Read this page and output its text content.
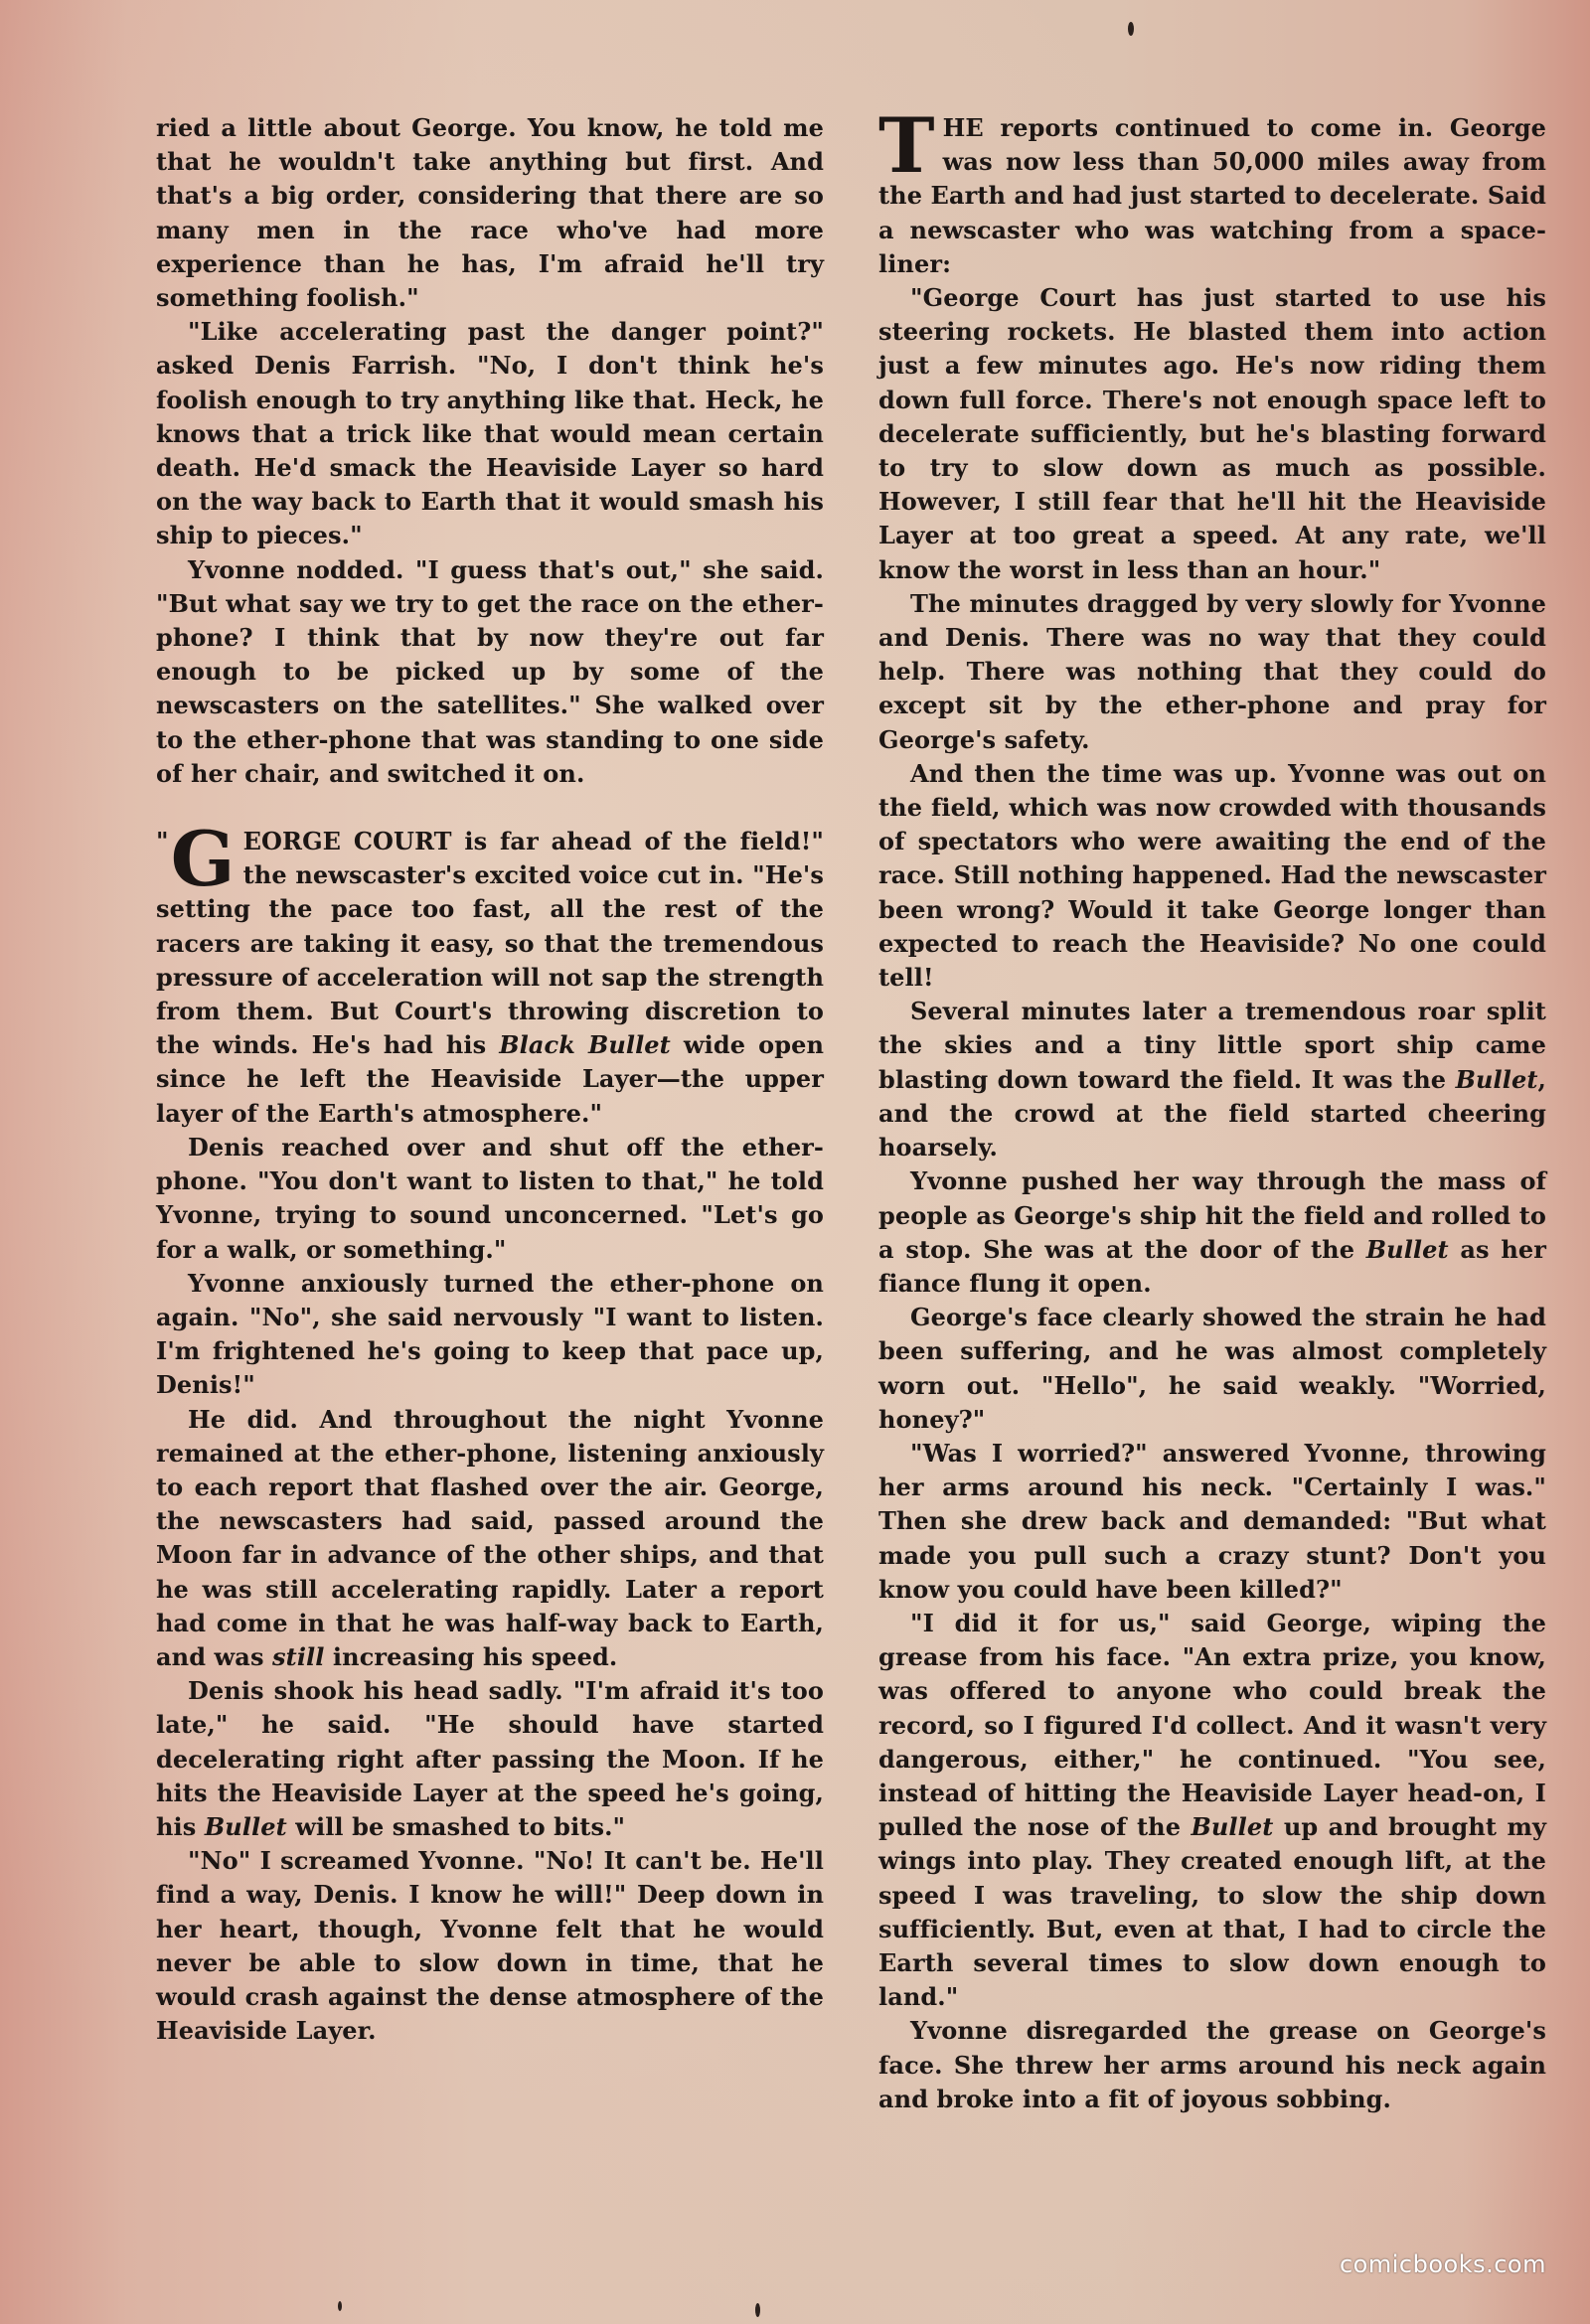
ried a little about George. You know, he told me that he wouldn't take anything but first. And that's a big order, considering that there are so many men in the race who've had more experience than he has, I'm afraid he'll try something foolish."

"Like accelerating past the danger point?" asked Denis Farrish. "No, I don't think he's foolish enough to try anything like that. Heck, he knows that a trick like that would mean certain death. He'd smack the Heaviside Layer so hard on the way back to Earth that it would smash his ship to pieces."

Yvonne nodded. "I guess that's out," she said. "But what say we try to get the race on the ether-phone? I think that by now they're out far enough to be picked up by some of the newscasters on the satellites." She walked over to the ether-phone that was standing to one side of her chair, and switched it on.

" G EORGE COURT is far ahead of the field!" the newscaster's excited voice cut in. "He's setting the pace too fast, all the rest of the racers are taking it easy, so that the tremendous pressure of acceleration will not sap the strength from them. But Court's throwing discretion to the winds. He's had his Black Bullet wide open since he left the Heaviside Layer—the upper layer of the Earth's atmosphere."

Denis reached over and shut off the ether-phone. "You don't want to listen to that," he told Yvonne, trying to sound unconcerned. "Let's go for a walk, or something."

Yvonne anxiously turned the ether-phone on again. "No", she said nervously "I want to listen. I'm frightened he's going to keep that pace up, Denis!"

He did. And throughout the night Yvonne remained at the ether-phone, listening anxiously to each report that flashed over the air. George, the newscasters had said, passed around the Moon far in advance of the other ships, and that he was still accelerating rapidly. Later a report had come in that he was half-way back to Earth, and was still increasing his speed.

Denis shook his head sadly. "I'm afraid it's too late," he said. "He should have started decelerating right after passing the Moon. If he hits the Heaviside Layer at the speed he's going, his Bullet will be smashed to bits."

"No" I screamed Yvonne. "No! It can't be. He'll find a way, Denis. I know he will!" Deep down in her heart, though, Yvonne felt that he would never be able to slow down in time, that he would crash against the dense atmosphere of the Heaviside Layer.

T HE reports continued to come in. George was now less than 50,000 miles away from the Earth and had just started to decelerate. Said a newscaster who was watching from a space-liner:

"George Court has just started to use his steering rockets. He blasted them into action just a few minutes ago. He's now riding them down full force. There's not enough space left to decelerate sufficiently, but he's blasting forward to try to slow down as much as possible. However, I still fear that he'll hit the Heaviside Layer at too great a speed. At any rate, we'll know the worst in less than an hour."

The minutes dragged by very slowly for Yvonne and Denis. There was no way that they could help. There was nothing that they could do except sit by the ether-phone and pray for George's safety.

And then the time was up. Yvonne was out on the field, which was now crowded with thousands of spectators who were awaiting the end of the race. Still nothing happened. Had the newscaster been wrong? Would it take George longer than expected to reach the Heaviside? No one could tell!

Several minutes later a tremendous roar split the skies and a tiny little sport ship came blasting down toward the field. It was the Bullet, and the crowd at the field started cheering hoarsely.

Yvonne pushed her way through the mass of people as George's ship hit the field and rolled to a stop. She was at the door of the Bullet as her fiance flung it open.

George's face clearly showed the strain he had been suffering, and he was almost completely worn out. "Hello", he said weakly. "Worried, honey?"

"Was I worried?" answered Yvonne, throwing her arms around his neck. "Certainly I was." Then she drew back and demanded: "But what made you pull such a crazy stunt? Don't you know you could have been killed?"

"I did it for us," said George, wiping the grease from his face. "An extra prize, you know, was offered to anyone who could break the record, so I figured I'd collect. And it wasn't very dangerous, either," he continued. "You see, instead of hitting the Heaviside Layer head-on, I pulled the nose of the Bullet up and brought my wings into play. They created enough lift, at the speed I was traveling, to slow the ship down sufficiently. But, even at that, I had to circle the Earth several times to slow down enough to land."

Yvonne disregarded the grease on George's face. She threw her arms around his neck again and broke into a fit of joyous sobbing.

comicbooks.com
